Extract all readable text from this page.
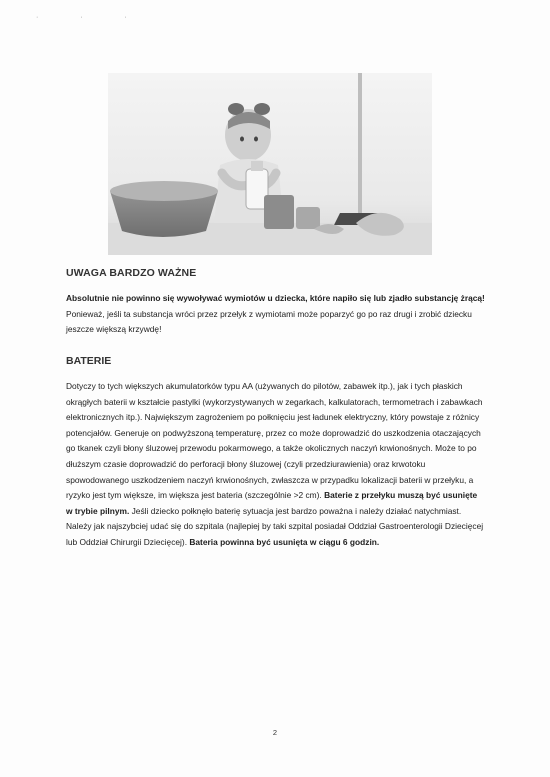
· · ·
UWAGA BARDZO WAŻNE

Absolutnie nie powinno się wywoływać wymiotów u dziecka, które napiło się lub zjadło substancję żrącą! Ponieważ, jeśli ta substancja wróci przez przełyk z wymiotami może poparzyć go po raz drugi i zrobić dziecku jeszcze większą krzywdę!

BATERIE

Dotyczy to tych większych akumulatorków typu AA (używanych do pilotów, zabawek itp.), jak i tych płaskich okrągłych baterii w kształcie pastylki (wykorzystywanych w zegarkach, kalkulatorach, termometrach i zabawkach elektronicznych itp.). Największym zagrożeniem po połknięciu jest ładunek elektryczny, który powstaje z różnicy potencjałów. Generuje on podwyższoną temperaturę, przez co może doprowadzić do uszkodzenia otaczających go tkanek czyli błony śluzowej przewodu pokarmowego, a także okolicznych naczyń krwionośnych. Może to po dłuższym czasie doprowadzić do perforacji błony śluzowej (czyli przedziurawienia) oraz krwotoku spowodowanego uszkodzeniem naczyń krwionośnych, zwłaszcza w przypadku lokalizacji baterii w przełyku, a ryzyko jest tym większe, im większa jest bateria (szczególnie >2 cm). Baterie z przełyku muszą być usunięte w trybie pilnym. Jeśli dziecko połknęło baterię sytuacja jest bardzo poważna i należy działać natychmiast. Należy jak najszybciej udać się do szpitala (najlepiej by taki szpital posiadał Oddział Gastroenterologii Dziecięcej lub Oddział Chirurgii Dziecięcej). Bateria powinna być usunięta w ciągu 6 godzin.

2
